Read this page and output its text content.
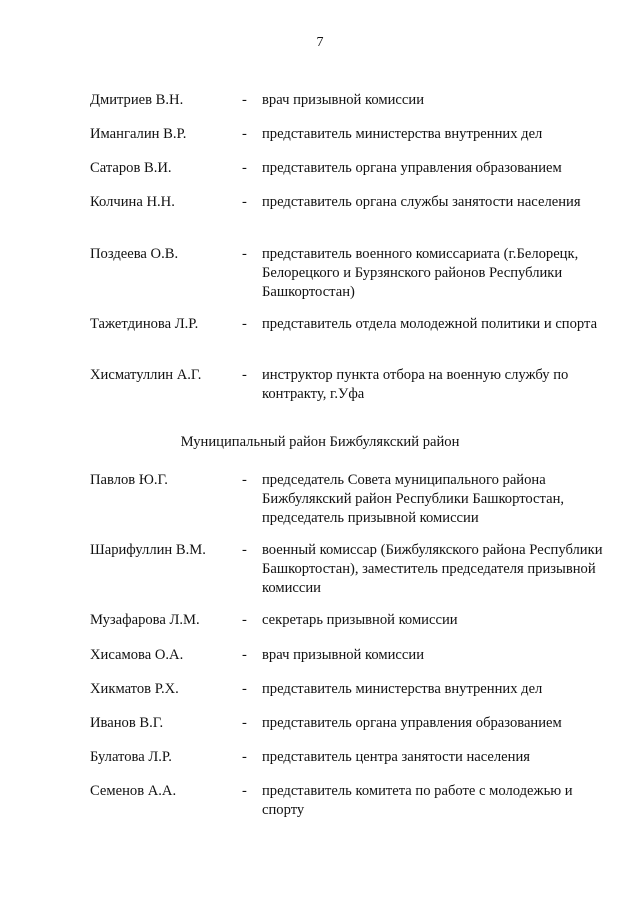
7
Дмитриев В.Н.	-	врач призывной комиссии
Имангалин В.Р.	-	представитель министерства внутренних дел
Сатаров В.И.	-	представитель органа управления образованием
Колчина Н.Н.	-	представитель органа службы занятости населения
Поздеева О.В.	-	представитель военного комиссариата (г.Белорецк, Белорецкого и Бурзянского районов Республики Башкортостан)
Тажетдинова Л.Р.	-	представитель отдела молодежной политики и спорта
Хисматуллин А.Г.	-	инструктор пункта отбора на военную службу по контракту, г.Уфа
Муниципальный район Бижбулякский район
Павлов Ю.Г.	-	председатель Совета муниципального района Бижбулякский район Республики Башкортостан, председатель призывной комиссии
Шарифуллин В.М.	-	военный комиссар (Бижбулякского района Республики Башкортостан), заместитель председателя призывной комиссии
Музафарова Л.М.	-	секретарь призывной комиссии
Хисамова О.А.	-	врач призывной комиссии
Хикматов Р.Х.	-	представитель министерства внутренних дел
Иванов В.Г.	-	представитель органа управления образованием
Булатова Л.Р.	-	представитель центра занятости населения
Семенов А.А.	-	представитель комитета по работе с молодежью и спорту
